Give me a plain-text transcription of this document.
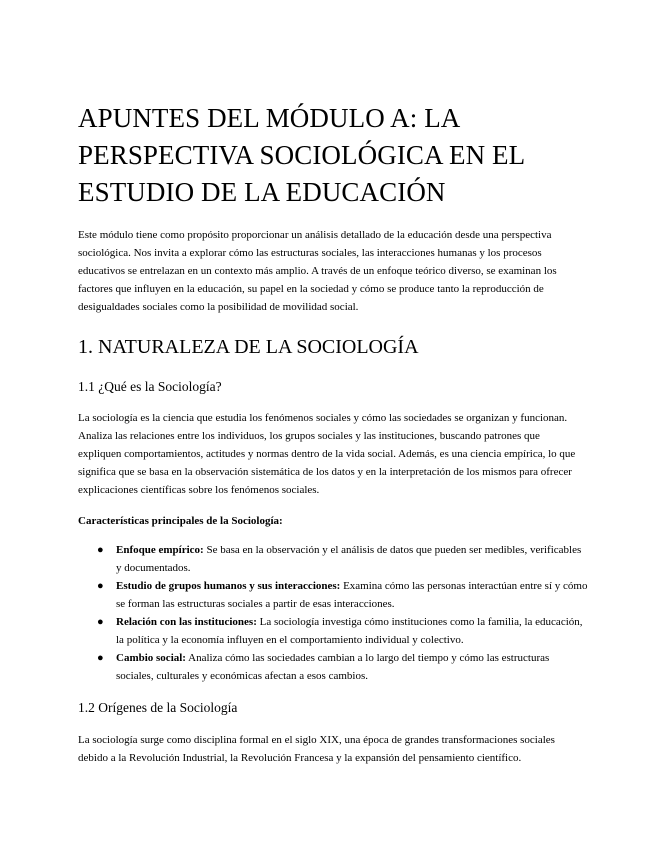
APUNTES DEL MÓDULO A: LA PERSPECTIVA SOCIOLÓGICA EN EL ESTUDIO DE LA EDUCACIÓN

Este módulo tiene como propósito proporcionar un análisis detallado de la educación desde una perspectiva sociológica. Nos invita a explorar cómo las estructuras sociales, las interacciones humanas y los procesos educativos se entrelazan en un contexto más amplio. A través de un enfoque teórico diverso, se examinan los factores que influyen en la educación, su papel en la sociedad y cómo se produce tanto la reproducción de desigualdades sociales como la posibilidad de movilidad social.

1. NATURALEZA DE LA SOCIOLOGÍA
1.1 ¿Qué es la Sociología?

La sociología es la ciencia que estudia los fenómenos sociales y cómo las sociedades se organizan y funcionan. Analiza las relaciones entre los individuos, los grupos sociales y las instituciones, buscando patrones que expliquen comportamientos, actitudes y normas dentro de la vida social. Además, es una ciencia empírica, lo que significa que se basa en la observación sistemática de los datos y en la interpretación de los mismos para ofrecer explicaciones científicas sobre los fenómenos sociales.

Características principales de la Sociología:

● Enfoque empírico: Se basa en la observación y el análisis de datos que pueden ser medibles, verificables y documentados.
● Estudio de grupos humanos y sus interacciones: Examina cómo las personas interactúan entre sí y cómo se forman las estructuras sociales a partir de esas interacciones.
● Relación con las instituciones: La sociología investiga cómo instituciones como la familia, la educación, la política y la economía influyen en el comportamiento individual y colectivo.
● Cambio social: Analiza cómo las sociedades cambian a lo largo del tiempo y cómo las estructuras sociales, culturales y económicas afectan a esos cambios.
1.2 Orígenes de la Sociología

La sociología surge como disciplina formal en el siglo XIX, una época de grandes transformaciones sociales debido a la Revolución Industrial, la Revolución Francesa y la expansión del pensamiento científico.
